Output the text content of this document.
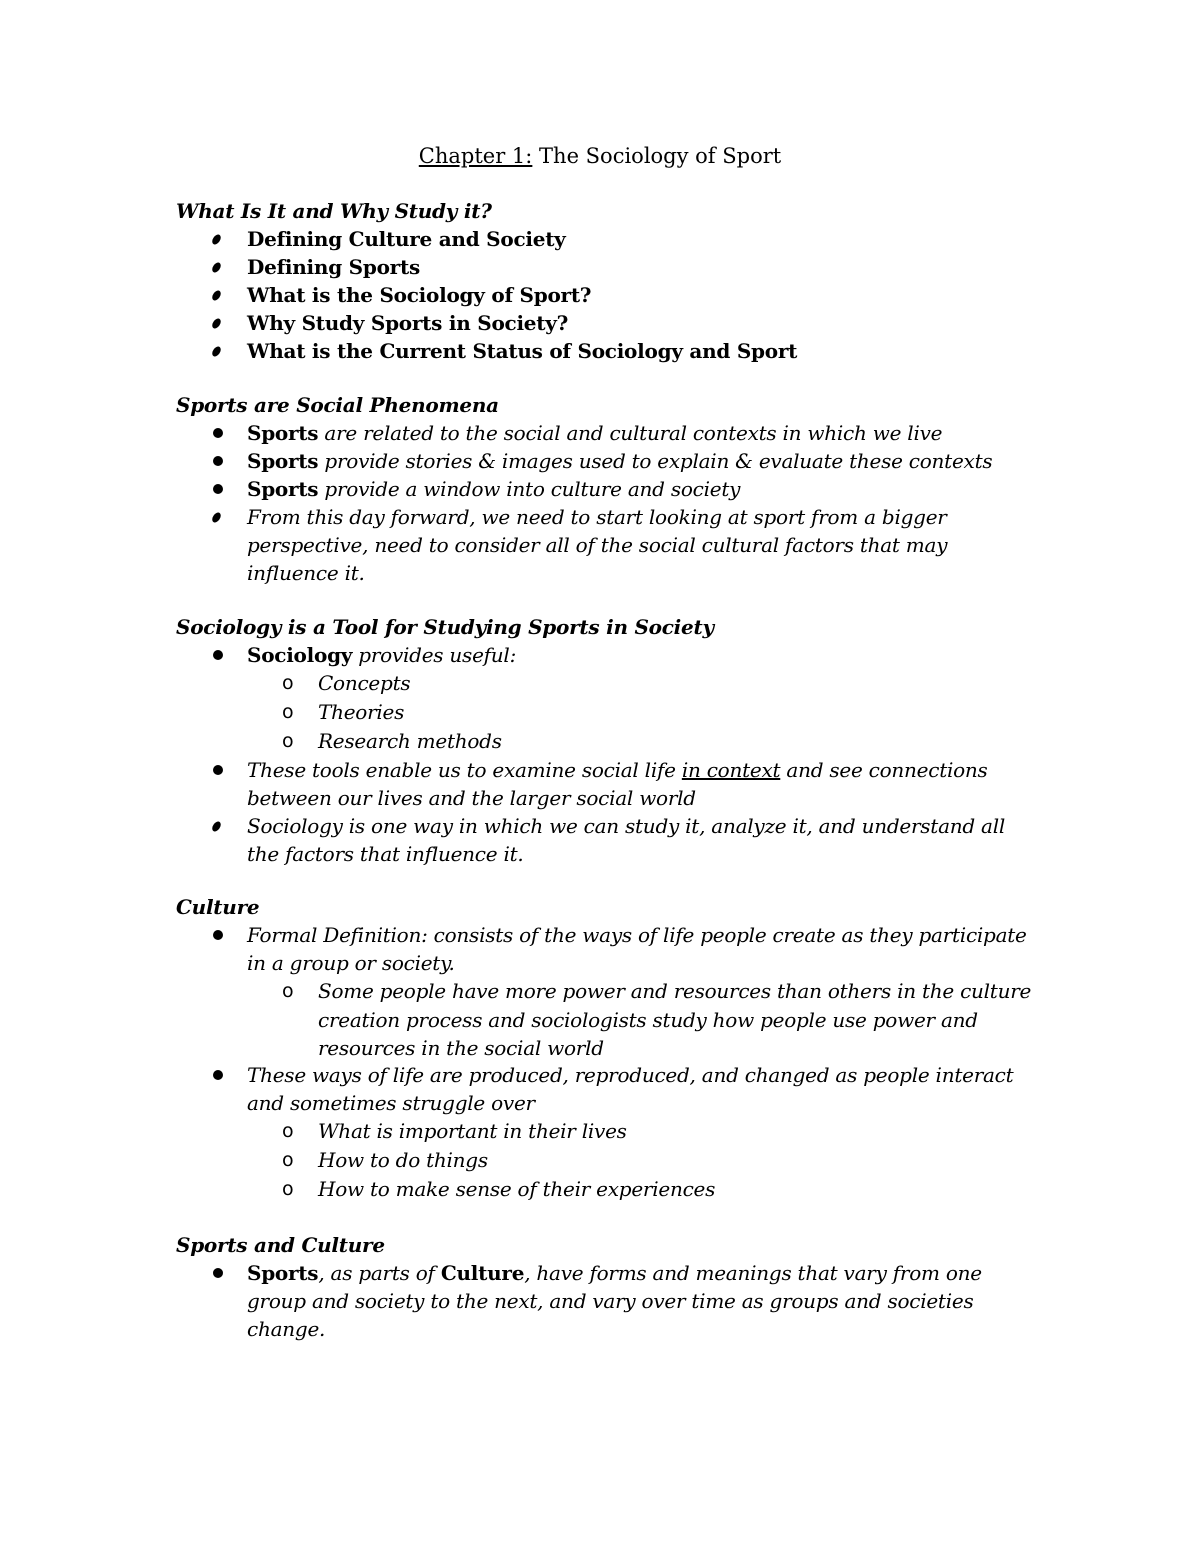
Chapter 1: The Sociology of Sport
What Is It and Why Study it?
Defining Culture and Society
Defining Sports
What is the Sociology of Sport?
Why Study Sports in Society?
What is the Current Status of Sociology and Sport
Sports are Social Phenomena
Sports are related to the social and cultural contexts in which we live
Sports provide stories & images used to explain & evaluate these contexts
Sports provide a window into culture and society
From this day forward, we need to start looking at sport from a bigger
perspective, need to consider all of the social cultural factors that may
influence it.
Sociology is a Tool for Studying Sports in Society
Sociology provides useful:
o Concepts
o Theories
o Research methods
These tools enable us to examine social life in context and see connections
between our lives and the larger social world
Sociology is one way in which we can study it, analyze it, and understand all
the factors that influence it.
Culture
Formal Definition: consists of the ways of life people create as they participate
in a group or society.
o Some people have more power and resources than others in the culture
creation process and sociologists study how people use power and
resources in the social world
These ways of life are produced, reproduced, and changed as people interact
and sometimes struggle over
o What is important in their lives
o How to do things
o How to make sense of their experiences
Sports and Culture
Sports, as parts of Culture, have forms and meanings that vary from one
group and society to the next, and vary over time as groups and societies
change.
